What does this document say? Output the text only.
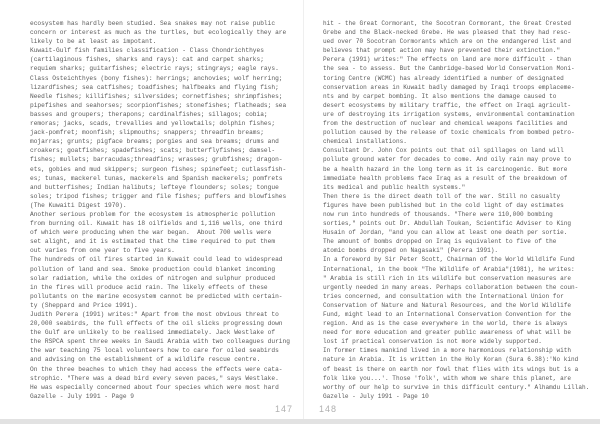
ecosystem has hardly been studied. Sea snakes may not raise public
concern or interest as much as the turtles, but ecologically they are
likely to be at least as impotant.
Kuwait-Gulf fish families classification - Class Chondrichthyes
(cartilaginous fishes, sharks and rays): cat and carpet sharks;
requiem sharks; guitarfishes; electric rays; stingrays; eagle rays.
Class Osteichthyes (bony fishes): herrings; anchovies; wolf herring;
lizardfishes; sea catfishes; toadfishes; halfbeaks and flying fish;
Needle fishes; killifishes; silversides; cornetfishes; shrimpfishes;
pipefishes and seahorses; scorpionfishes; stonefishes; flatheads; sea
basses and groupers; therapons; cardinalfishes; sillagos; cobia;
remoras; jacks, scads, trevallies and yellowtails; dolphin fishes;
jack-pomfret; moonfish; slipmouths; snappers; threadfin breams;
mojarras; grunts; pigface breams; porgies and sea breams; drums and
croakers; goatfishes; spadefishes; scats; butterflyfishes; damsel-
fishes; mullets; barracudas;threadfins; wrasses; grubfishes; dragon-
ets, gobies and mud skippers; surgeon fishes; spinefeet; cutlassfish-
es; tunas, mackerel tunas, mackerels and Spanish mackerels; pomfrets
and butterfishes; Indian halibuts; lefteye flounders; soles; tongue
soles; tripod fishes; trigger and file fishes; puffers and blowfishes
(The Kuwaiti Digest 1970).
Another serious problem for the ecosystem is atmospheric pollution
from burning oil. Kuwait has 18 oilfields and 1,116 wells, one third
of which were producing when the war began.  About 700 wells were
set alight, and it is estimated that the time required to put them
out varies from one year to five years.
The hundreds of oil fires started in Kuwait could lead to widespread
pollution of land and sea. Smoke production could blanket incoming
solar radiation, while the oxides of nitrogen and sulphur produced
in the fires will produce acid rain. The likely effects of these
pollutants on the marine ecosystem cannot be predicted with certain-
ty (Sheppard and Price 1991).
Judith Perera (1991) writes:" Apart from the most obvious threat to
20,000 seabirds, the full effects of the oil slicks progressing down
the Gulf are unlikely to be realised immediately. Jack Westlake of
the RSPCA spent three weeks in Saudi Arabia with two colleagues during
the war teaching 75 local volunteers how to care for oiled seabirds
and advising on the establishment of a wildlife rescue centre.
On the three beaches to which they had access the effects were cata-
strophic. "There was a dead bird every seven paces," says Westlake.
He was especially concerned about four species which were most hard
Gazelle - July 1991 - Page 9
147
hit - the Great Cormorant, the Socotran Cormorant, the Great Crested
Grebe and the Black-necked Grebe. He was pleased that they had resc-
ued over 70 Socotran Cormorants which are on the endangered list and
believes that prompt action may have prevented their extinction."
Perera (1991) writes:" The effects on land are more difficult - than
the sea - to assess. But the Cambridge-based World Conservation Moni-
toring Centre (WCMC) has already identified a number of designated
conservation areas in Kuwait badly damaged by Iraqi troops emplaceme-
nts and by carpet bombing. It also mentions the damage caused to
desert ecosystems by military traffic, the effect on Iraqi agricult-
ure of destroying its irrigation systems, environmental contamination
from the destruction of nuclear and chemical weapons facilities and
pollution caused by the release of toxic chemicals from bombed petro-
chemical installations.
Consultant Dr. John Cox points out that oil spillages on land will
pollute ground water for decades to come. And oily rain may prove to
be a health hazard in the long term as it is carcinogenic. But more
immediate health problems face Iraq as a result of the breakdown of
its medical and public health systems."
Then there is the direct death toll of the war. Still no casualty
figures have been published but in the cold light of day estimates
now run into hundreds of thousands. "There were 110,000 bombing
sorties," points out Dr. Abdullah Toukan, Scientific Adviser to King
Husain of Jordan, "and you can allow at least one death per sortie.
The amount of bombs dropped on Iraq is equivalent to five of the
atomic bombs dropped on Nagasaki" (Perera 1991).
In a foreword by Sir Peter Scott, Chairman of the World Wildlife Fund
International, in the book "The Wildlife of Arabia"(1981), he writes:
" Arabia is still rich in its wildlife but conservation measures are
urgently needed in many areas. Perhaps collaboration between the coun-
tries concerned, and consultation with the International Union for
Conservation of Nature and Natural Resources, and the World Wildlife
Fund, might lead to an International Conservation Convention for the
region. And as is the case everywhere in the world, there is always
need for more education and greater public awareness of what will be
lost if practical conservation is not more widely supported.
In former times mankind lived in a more harmonious relationship with
nature in Arabia. It is written in the Holy Koran (Sura 6.38):'No kind
of beast is there on earth nor fowl that flies with its wings but is a
folk like you...'. Those 'folk', with whom we share this planet, are
worthy of our help to survive in this difficult century." Alhamdu Lillah.
Gazelle - July 1991 - Page 10
148
